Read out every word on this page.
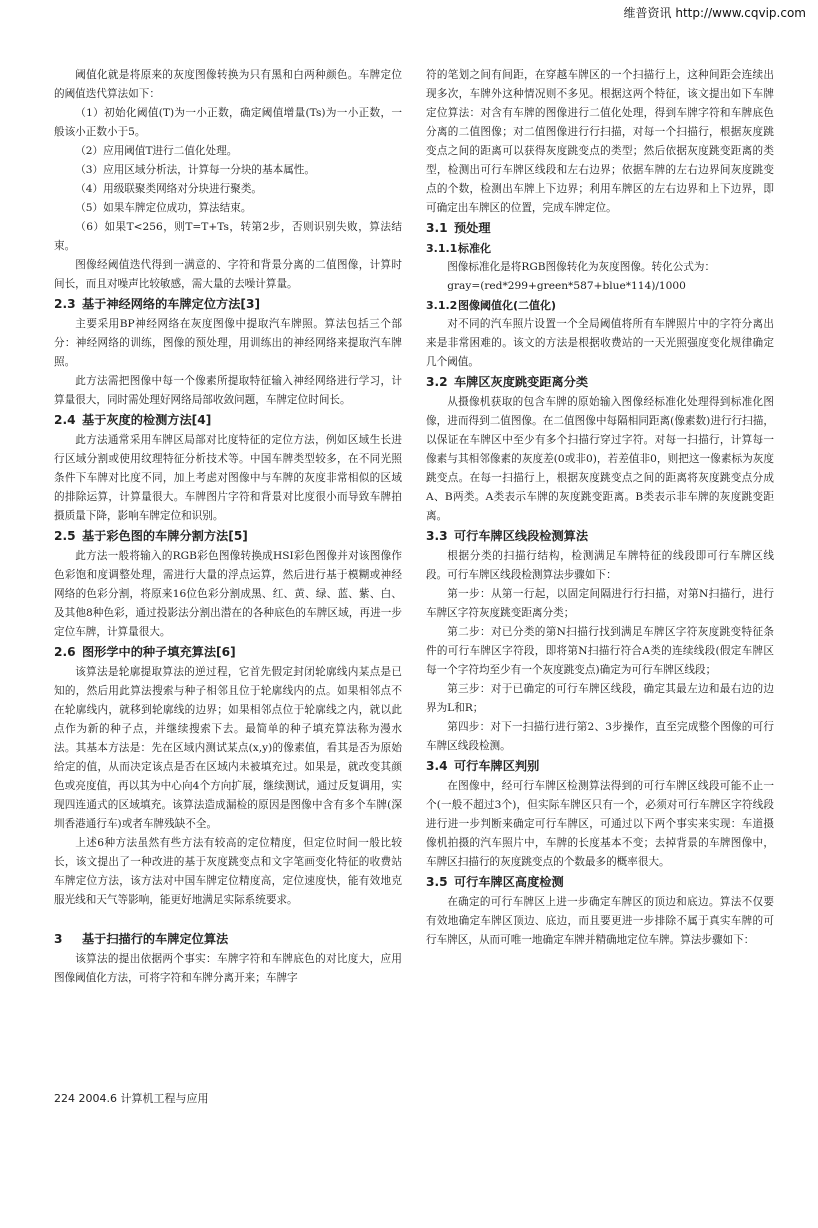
维普资讯 http://www.cqvip.com

阈值化就是将原来的灰度图像转换为只有黑和白两种颜色。车牌定位的阈值迭代算法如下：

（1）初始化阈值(T)为一小正数，确定阈值增量(Ts)为一小正数，一般该小正数小于5。

（2）应用阈值T进行二值化处理。

（3）应用区域分析法，计算每一分块的基本属性。

（4）用级联聚类网络对分块进行聚类。

（5）如果车牌定位成功，算法结束。

（6）如果T<256，则T=T+Ts，转第2步，否则识别失败，算法结束。

图像经阈值迭代得到一满意的、字符和背景分离的二值图像，计算时间长，而且对噪声比较敏感，需大量的去噪计算量。

2.3 基于神经网络的车牌定位方法[3]

主要采用BP神经网络在灰度图像中提取汽车牌照。算法包括三个部分：神经网络的训练，图像的预处理，用训练出的神经网络来提取汽车牌照。

此方法需把图像中每一个像素所提取特征输入神经网络进行学习，计算量很大，同时需处理好网络局部收敛问题，车牌定位时间长。

2.4 基于灰度的检测方法[4]

此方法通常采用车牌区局部对比度特征的定位方法，例如区域生长进行区域分割或使用纹理特征分析技术等。中国车牌类型较多，在不同光照条件下车牌对比度不同，加上考虑对图像中与车牌的灰度非常相似的区域的排除运算，计算量很大。车牌图片字符和背景对比度很小而导致车牌拍摄质量下降，影响车牌定位和识别。

2.5 基于彩色图的车牌分割方法[5]

此方法一般将输入的RGB彩色图像转换成HSI彩色图像并对该图像作色彩饱和度调整处理，需进行大量的浮点运算，然后进行基于模糊或神经网络的色彩分割，将原来16位色彩分割成黑、红、黄、绿、蓝、紫、白、及其他8种色彩，通过投影法分割出潜在的各种底色的车牌区域，再进一步定位车牌，计算量很大。

2.6 图形学中的种子填充算法[6]

该算法是轮廓提取算法的逆过程，它首先假定封闭轮廓线内某点是已知的，然后用此算法搜索与种子相邻且位于轮廓线内的点。如果相邻点不在轮廓线内，就移到轮廓线的边界；如果相邻点位于轮廓线之内，就以此点作为新的种子点，并继续搜索下去。最简单的种子填充算法称为漫水法。其基本方法是：先在区域内测试某点(x,y)的像素值，看其是否为原始给定的值，从而决定该点是否在区域内未被填充过。如果是，就改变其颜色或亮度值，再以其为中心向4个方向扩展，继续测试，通过反复调用，实现四连通式的区域填充。该算法造成漏检的原因是图像中含有多个车牌(深圳香港通行车)或者车牌残缺不全。

上述6种方法虽然有些方法有较高的定位精度，但定位时间一般比较长，该文提出了一种改进的基于灰度跳变点和文字笔画变化特征的收费站车牌定位方法，该方法对中国车牌定位精度高，定位速度快，能有效地克服光线和天气等影响，能更好地满足实际系统要求。

3 基于扫描行的车牌定位算法

该算法的提出依据两个事实：车牌字符和车牌底色的对比度大，应用图像阈值化方法，可将字符和车牌分离开来；车牌字

符的笔划之间有间距，在穿越车牌区的一个扫描行上，这种间距会连续出现多次，车牌外这种情况则不多见。根据这两个特征，该文提出如下车牌定位算法：对含有车牌的图像进行二值化处理，得到车牌字符和车牌底色分离的二值图像；对二值图像进行行扫描，对每一个扫描行，根据灰度跳变点之间的距离可以获得灰度跳变点的类型；然后依据灰度跳变距离的类型，检测出可行车牌区线段和左右边界；依据车牌的左右边界间灰度跳变点的个数，检测出车牌上下边界；利用车牌区的左右边界和上下边界，即可确定出车牌区的位置，完成车牌定位。

3.1 预处理
3.1.1标准化

图像标准化是将RGB图像转化为灰度图像。转化公式为：

gray=(red*299+green*587+blue*114)/1000

3.1.2图像阈值化(二值化)

对不同的汽车照片设置一个全局阈值将所有车牌照片中的字符分离出来是非常困难的。该文的方法是根据收费站的一天光照强度变化规律确定几个阈值。

3.2 车牌区灰度跳变距离分类

从摄像机获取的包含车牌的原始输入图像经标准化处理得到标准化图像，进而得到二值图像。在二值图像中每隔相同距离(像素数)进行行扫描，以保证在车牌区中至少有多个扫描行穿过字符。对每一扫描行，计算每一像素与其相邻像素的灰度差(0或非0)，若差值非0，则把这一像素标为灰度跳变点。在每一扫描行上，根据灰度跳变点之间的距离将灰度跳变点分成A、B两类。A类表示车牌的灰度跳变距离。B类表示非车牌的灰度跳变距离。

3.3 可行车牌区线段检测算法

根据分类的扫描行结构，检测满足车牌特征的线段即可行车牌区线段。可行车牌区线段检测算法步骤如下：

第一步：从第一行起，以固定间隔进行行扫描，对第N扫描行，进行车牌区字符灰度跳变距离分类；

第二步：对已分类的第N扫描行找到满足车牌区字符灰度跳变特征条件的可行车牌区字符段，即将第N扫描行符合A类的连续线段(假定车牌区每一个字符均至少有一个灰度跳变点)确定为可行车牌区线段；

第三步：对于已确定的可行车牌区线段，确定其最左边和最右边的边界为L和R；

第四步：对下一扫描行进行第2、3步操作，直至完成整个图像的可行车牌区线段检测。

3.4 可行车牌区判别

在图像中，经可行车牌区检测算法得到的可行车牌区线段可能不止一个(一般不超过3个)，但实际车牌区只有一个，必须对可行车牌区字符线段进行进一步判断来确定可行车牌区，可通过以下两个事实来实现：车道摄像机拍摄的汽车照片中，车牌的长度基本不变；去掉背景的车牌图像中，车牌区扫描行的灰度跳变点的个数最多的概率很大。

3.5 可行车牌区高度检测

在确定的可行车牌区上进一步确定车牌区的顶边和底边。算法不仅要有效地确定车牌区顶边、底边，而且要更进一步排除不属于真实车牌的可行车牌区，从而可唯一地确定车牌并精确地定位车牌。算法步骤如下：

224 2004.6 计算机工程与应用
